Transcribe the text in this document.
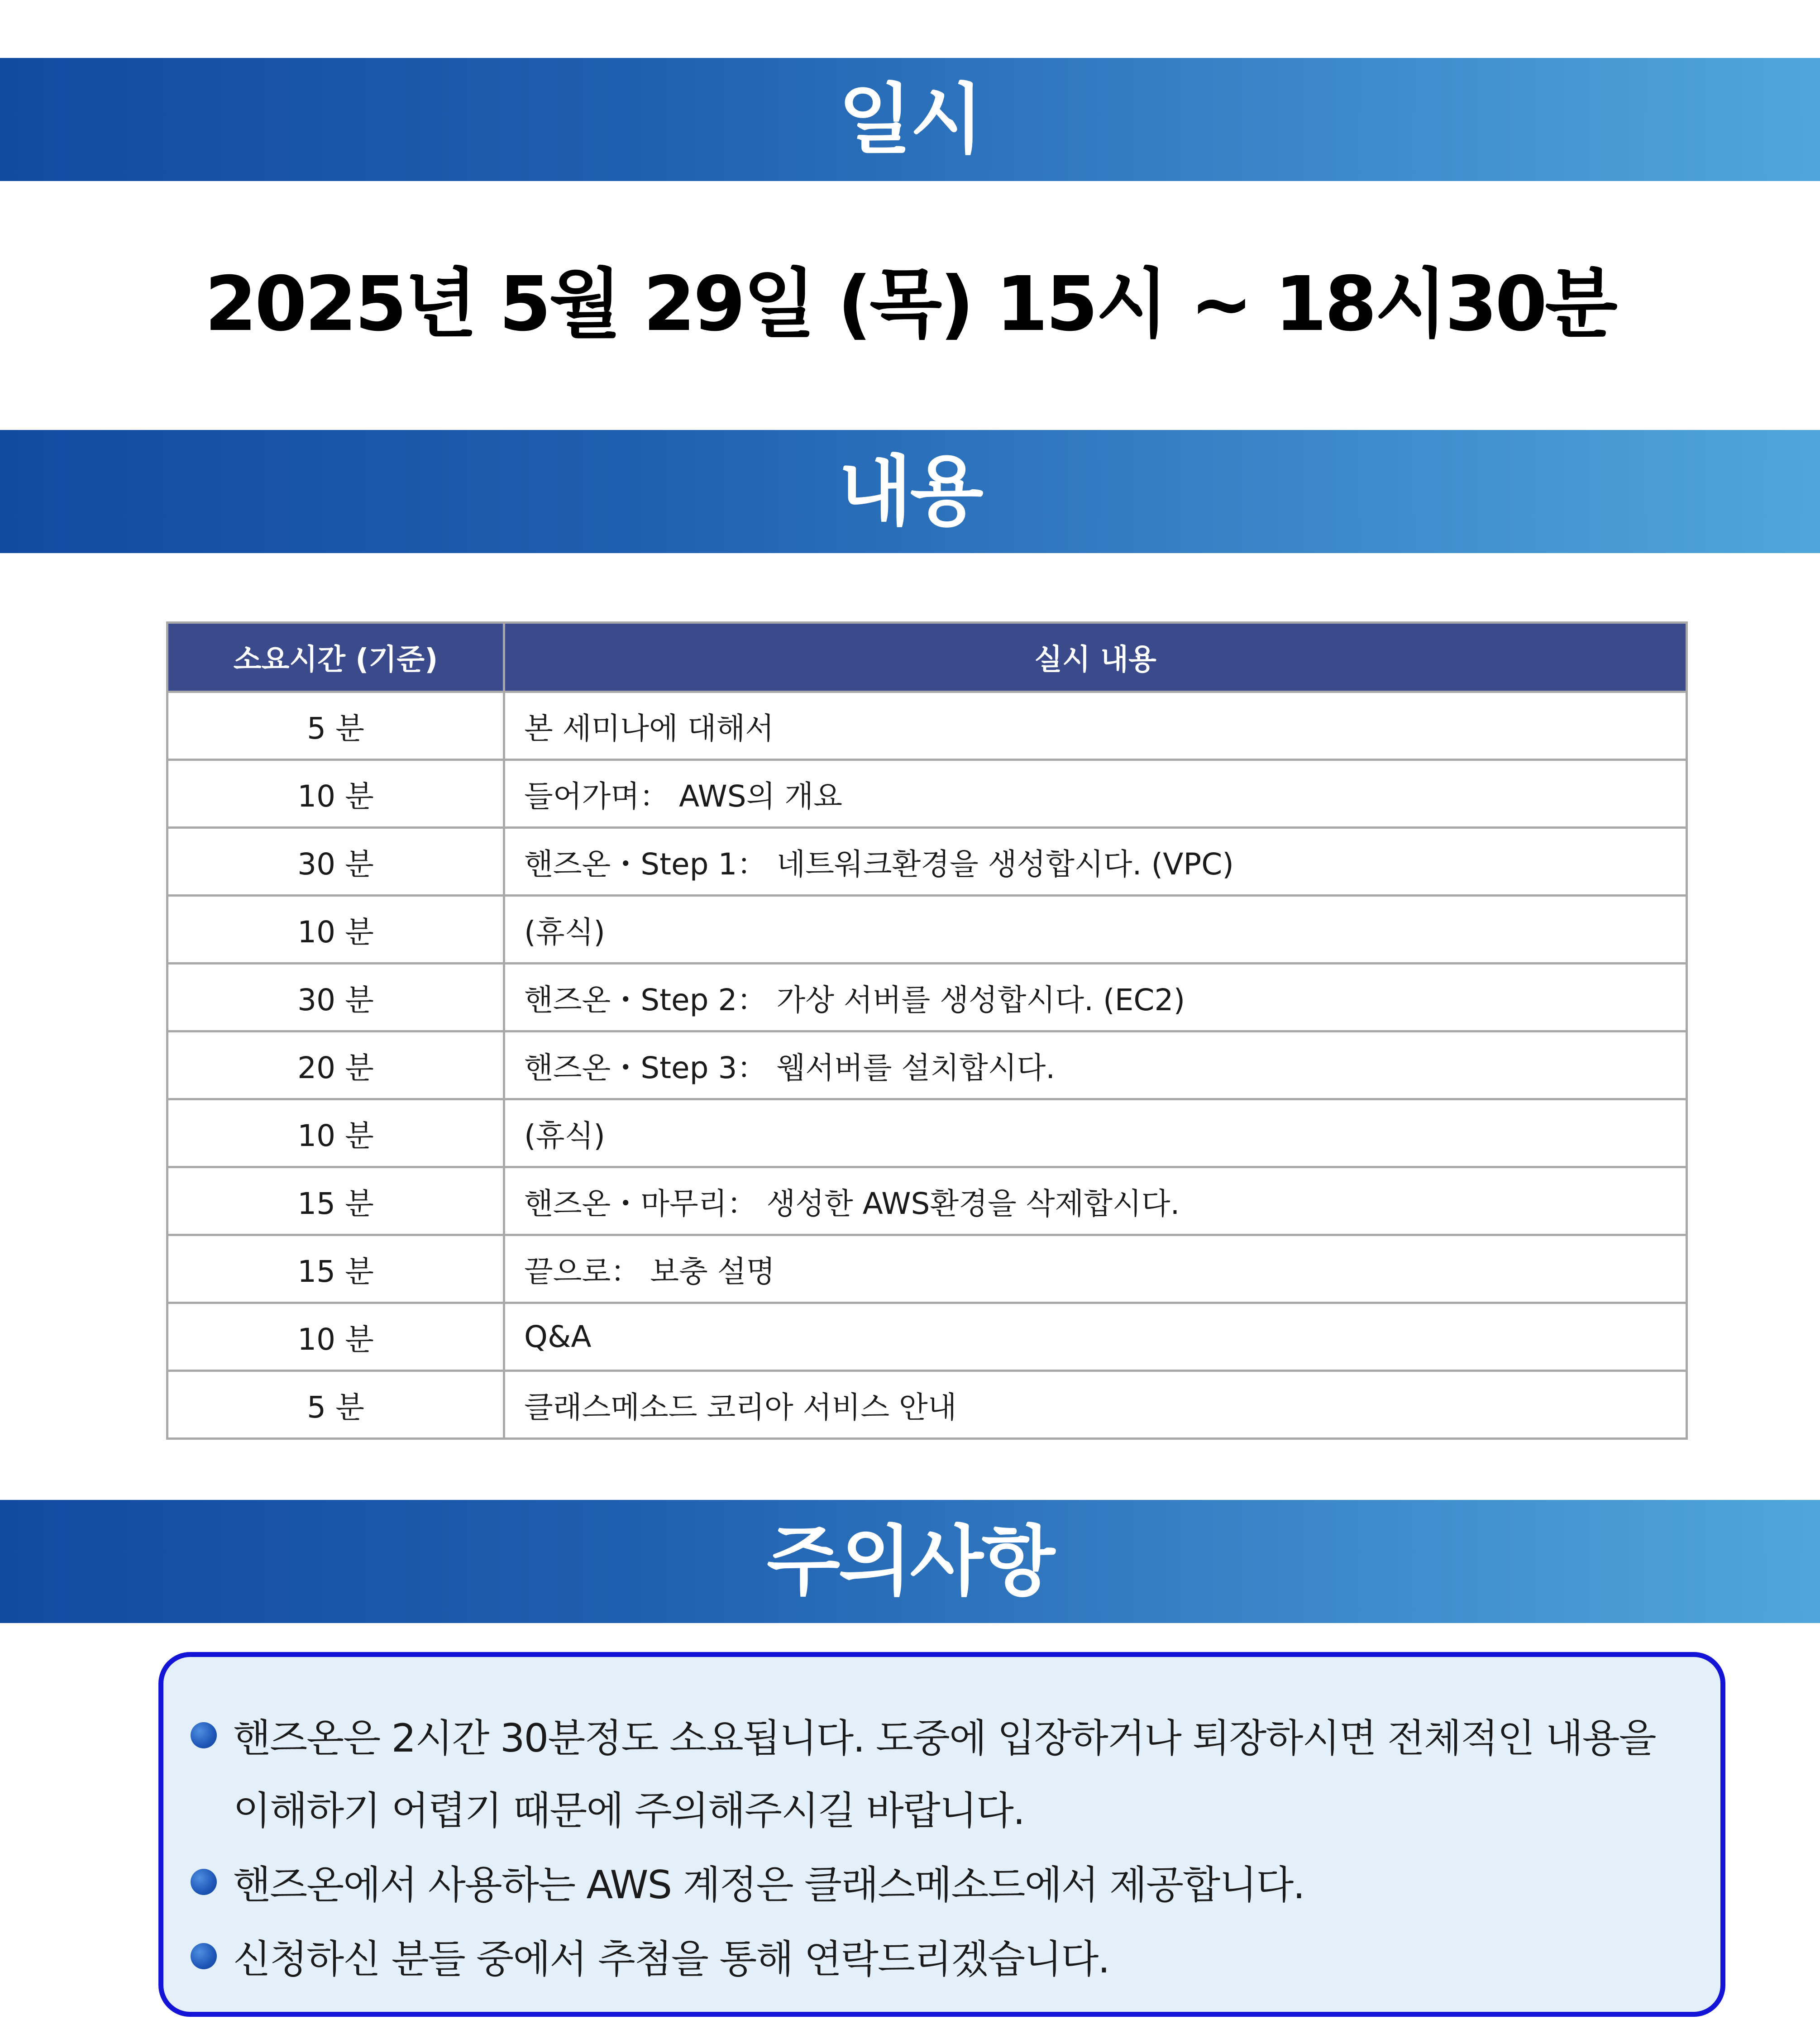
일시
2025년 5월 29일 (목) 15시 ~ 18시30분
내용
소요시간 (기준)	실시 내용
5 분	본 세미나에 대해서
10 분	들어가며： AWS의 개요
30 분	핸즈온・Step 1： 네트워크환경을 생성합시다. (VPC)
10 분	(휴식)
30 분	핸즈온・Step 2： 가상 서버를 생성합시다. (EC2)
20 분	핸즈온・Step 3： 웹서버를 설치합시다.
10 분	(휴식)
15 분	핸즈온・마무리： 생성한 AWS환경을 삭제합시다.
15 분	끝으로： 보충 설명
10 분	Q&A
5 분	클래스메소드 코리아 서비스 안내
주의사항
핸즈온은 2시간 30분정도 소요됩니다. 도중에 입장하거나 퇴장하시면 전체적인 내용을 이해하기 어렵기 때문에 주의해주시길 바랍니다.
핸즈온에서 사용하는 AWS 계정은 클래스메소드에서 제공합니다.
신청하신 분들 중에서 추첨을 통해 연락드리겠습니다.
